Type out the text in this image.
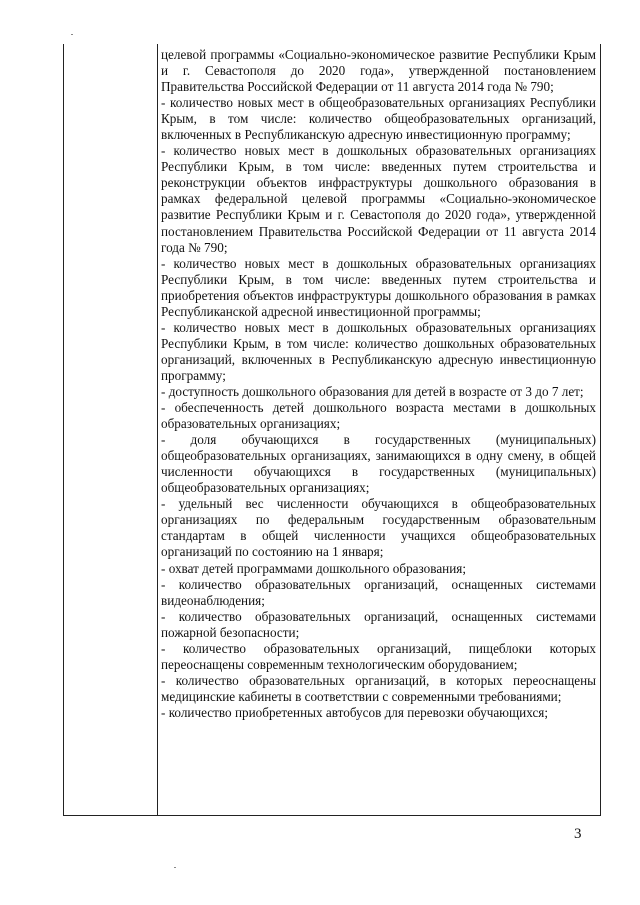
целевой программы «Социально-экономическое развитие Республики Крым и г. Севастополя до 2020 года», утвержденной постановлением Правительства Российской Федерации от 11 августа 2014 года № 790;

- количество новых мест в общеобразовательных организациях Республики Крым, в том числе: количество общеобразовательных организаций, включенных в Республиканскую адресную инвестиционную программу;

- количество новых мест в дошкольных образовательных организациях Республики Крым, в том числе: введенных путем строительства и реконструкции объектов инфраструктуры дошкольного образования в рамках федеральной целевой программы «Социально-экономическое развитие Республики Крым и г. Севастополя до 2020 года», утвержденной постановлением Правительства Российской Федерации от 11 августа 2014 года № 790;

- количество новых мест в дошкольных образовательных организациях Республики Крым, в том числе: введенных путем строительства и приобретения объектов инфраструктуры дошкольного образования в рамках Республиканской адресной инвестиционной программы;

- количество новых мест в дошкольных образовательных организациях Республики Крым, в том числе: количество дошкольных образовательных организаций, включенных в Республиканскую адресную инвестиционную программу;

- доступность дошкольного образования для детей в возрасте от 3 до 7 лет;

- обеспеченность детей дошкольного возраста местами в дошкольных образовательных организациях;

- доля обучающихся в государственных (муниципальных) общеобразовательных организациях, занимающихся в одну смену, в общей численности обучающихся в государственных (муниципальных) общеобразовательных организациях;

- удельный вес численности обучающихся в общеобразовательных организациях по федеральным государственным образовательным стандартам в общей численности учащихся общеобразовательных организаций по состоянию на 1 января;

- охват детей программами дошкольного образования;

- количество образовательных организаций, оснащенных системами видеонаблюдения;

- количество образовательных организаций, оснащенных системами пожарной безопасности;

- количество образовательных организаций, пищеблоки которых переоснащены современным технологическим оборудованием;

- количество образовательных организаций, в которых переоснащены медицинские кабинеты в соответствии с современными требованиями;

- количество приобретенных автобусов для перевозки обучающихся;

3
